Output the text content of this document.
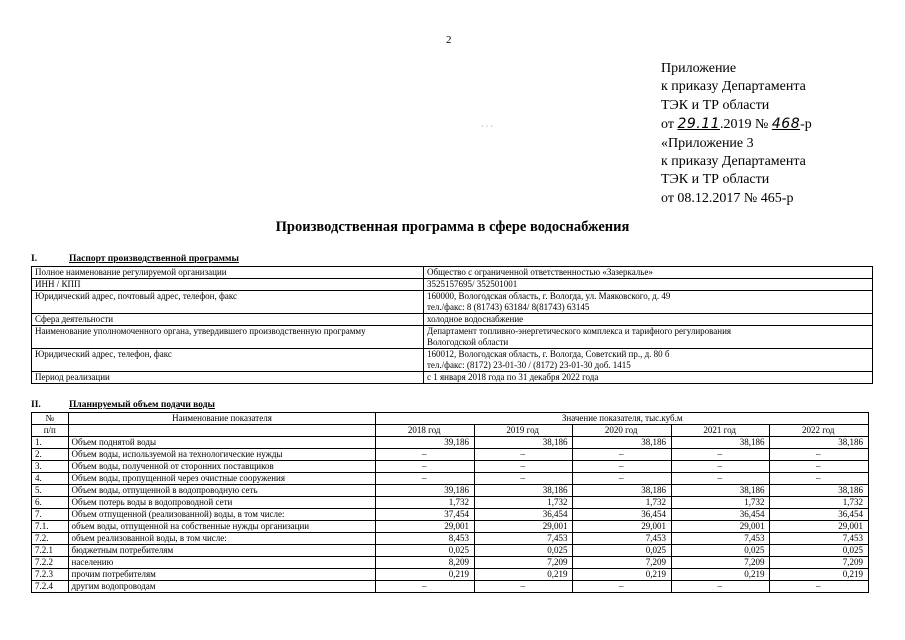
2
Приложение
к приказу Департамента
ТЭК и ТР области
от 29.11.2019 № 468-р
«Приложение 3
к приказу Департамента
ТЭК и ТР области
от 08.12.2017 № 465-р
· · ·
Производственная программа в сфере водоснабжения
I.	Паспорт производственной программы
Полное наименование регулируемой организации	Общество с ограниченной ответственностью «Зазеркалье»

ИНН / КПП	3525157695/ 352501001

Юридический адрес, почтовый адрес, телефон, факс	160000, Вологодская область, г. Вологда, ул. Маяковского, д. 49
тел./факс: 8 (81743) 63184/ 8(81743) 63145

Сфера деятельности	холодное водоснабжение

Наименование уполномоченного органа, утвердившего производственную программу	Департамент топливно-энергетического комплекса и тарифного регулирования
Вологодской области

Юридический адрес, телефон, факс	160012, Вологодская область, г. Вологда, Советский пр., д. 80 б
тел./факс: (8172) 23-01-30 / (8172) 23-01-30 доб. 1415

Период реализации	с 1 января 2018 года по 31 декабря 2022 года
II.	Планируемый объем подачи воды
№	Наименование показателя	Значение показателя, тыс.куб.м				
п/п		2018 год	2019 год	2020 год	2021 год	2022 год
1.	Объем поднятой воды	39,186	38,186	38,186	38,186	38,186
2.	Объем воды, используемой на технологические нужды	–	–	–	–	–
3.	Объем воды, полученной от сторонних поставщиков	–	–	–	–	–
4.	Объем воды, пропущенной через очистные сооружения	–	–	–	–	–
5.	Объем воды, отпущенной в водопроводную сеть	39,186	38,186	38,186	38,186	38,186
6.	Объем потерь воды в водопроводной сети	1,732	1,732	1,732	1,732	1,732
7.	Объем отпущенной (реализованной) воды, в том числе:	37,454	36,454	36,454	36,454	36,454
7.1.	объем воды, отпущенной на собственные нужды организации	29,001	29,001	29,001	29,001	29,001
7.2.	объем реализованной воды, в том числе:	8,453	7,453	7,453	7,453	7,453
7.2.1	бюджетным потребителям	0,025	0,025	0,025	0,025	0,025
7.2.2	населению	8,209	7,209	7,209	7,209	7,209
7.2.3	прочим потребителям	0,219	0,219	0,219	0,219	0,219
7.2.4	другим водопроводам	–	–	–	–	–
